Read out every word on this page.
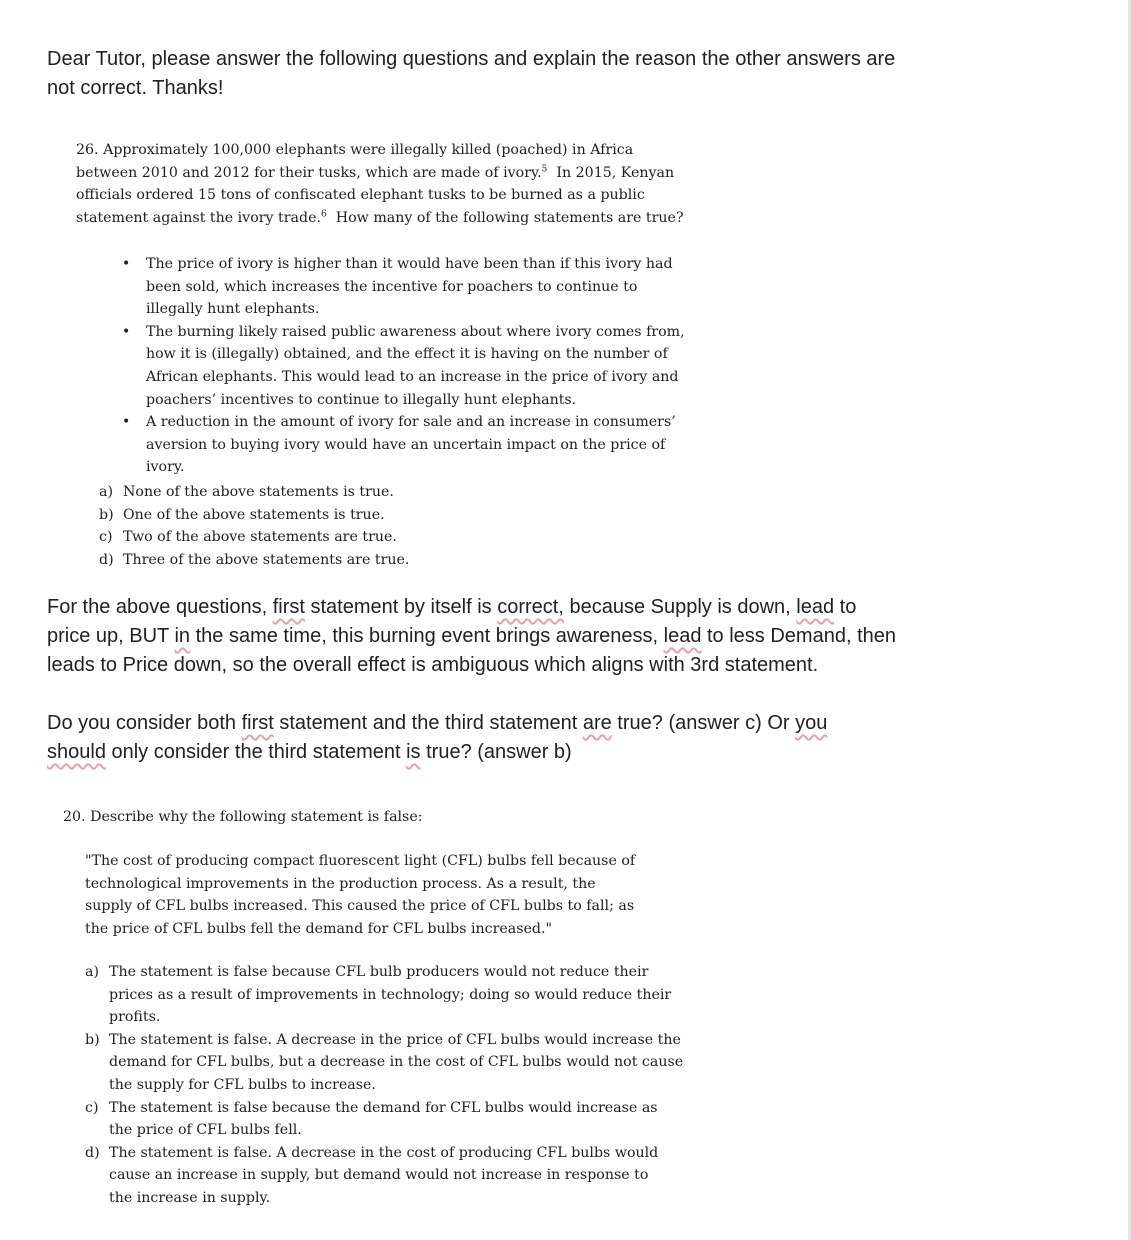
Dear Tutor, please answer the following questions and explain the reason the other answers are

not correct. Thanks!

26. Approximately 100,000 elephants were illegally killed (poached) in Africa

between 2010 and 2012 for their tusks, which are made of ivory.$^5$ In 2015, Kenyan

officials ordered 15 tons of confiscated elephant tusks to be burned as a public

statement against the ivory trade.$^6$ How many of the following statements are true?

• The price of ivory is higher than it would have been than if this ivory had

been sold, which increases the incentive for poachers to continue to

illegally hunt elephants.

• The burning likely raised public awareness about where ivory comes from,

how it is (illegally) obtained, and the effect it is having on the number of

African elephants. This would lead to an increase in the price of ivory and

poachers’ incentives to continue to illegally hunt elephants.

• A reduction in the amount of ivory for sale and an increase in consumers’

aversion to buying ivory would have an uncertain impact on the price of

ivory.

a) None of the above statements is true.

b) One of the above statements is true.

c) Two of the above statements are true.

d) Three of the above statements are true.

For the above questions, first statement by itself is correct, because Supply is down, lead to

price up, BUT in the same time, this burning event brings awareness, lead to less Demand, then

leads to Price down, so the overall effect is ambiguous which aligns with 3rd statement.

Do you consider both first statement and the third statement are true? (answer c) Or you

should only consider the third statement is true? (answer b)

20. Describe why the following statement is false:

"The cost of producing compact fluorescent light (CFL) bulbs fell because of

technological improvements in the production process. As a result, the

supply of CFL bulbs increased. This caused the price of CFL bulbs to fall; as

the price of CFL bulbs fell the demand for CFL bulbs increased."

a) The statement is false because CFL bulb producers would not reduce their

prices as a result of improvements in technology; doing so would reduce their

profits.

b) The statement is false. A decrease in the price of CFL bulbs would increase the

demand for CFL bulbs, but a decrease in the cost of CFL bulbs would not cause

the supply for CFL bulbs to increase.

c) The statement is false because the demand for CFL bulbs would increase as

the price of CFL bulbs fell.

d) The statement is false. A decrease in the cost of producing CFL bulbs would

cause an increase in supply, but demand would not increase in response to

the increase in supply.
